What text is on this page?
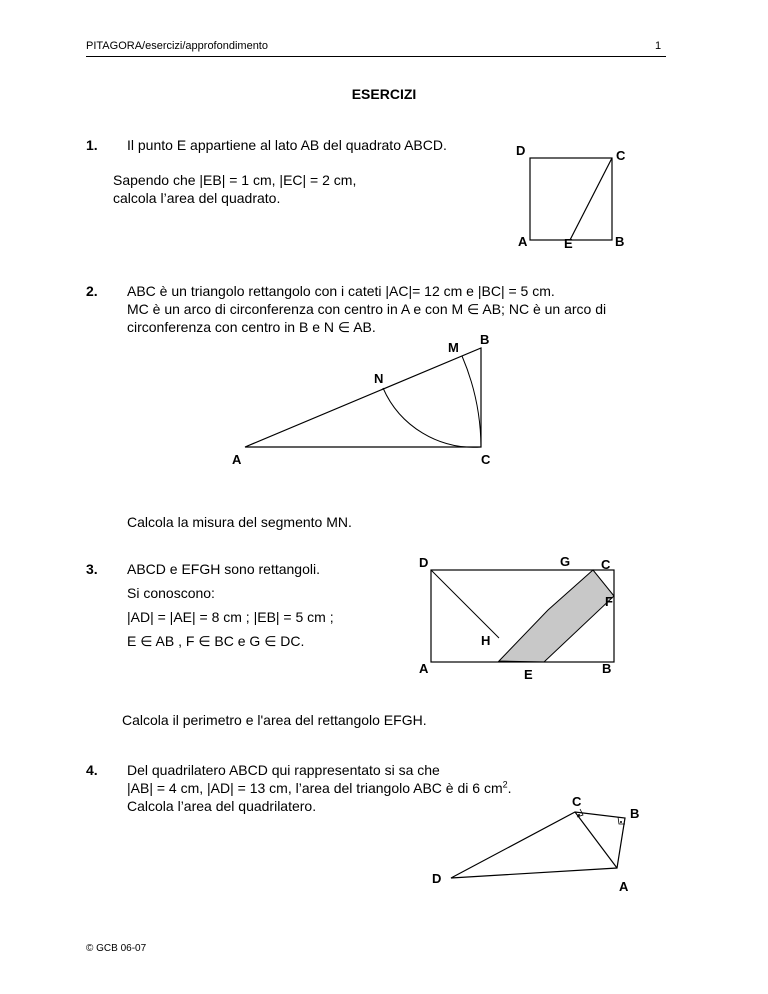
PITAGORA/esercizi/approfondimento	1
ESERCIZI
1. Il punto E appartiene al lato AB del quadrato ABCD.
Sapendo che |EB| = 1 cm, |EC| = 2 cm,
calcola l’area del quadrato.
D	C
A	E	B
2. ABC è un triangolo rettangolo con i cateti |AC|= 12 cm e |BC| = 5 cm.
MC è un arco di circonferenza con centro in A e con M ∈ AB; NC è un arco di
circonferenza con centro in B e N ∈ AB.
A	C
B
M
N
Calcola la misura del segmento MN.
3. ABCD e EFGH sono rettangoli.
Si conoscono:
|AD| = |AE| = 8 cm ; |EB| = 5 cm ;
E ∈ AB , F ∈ BC e G ∈ DC.
D	G C
F
H
A	E	B
Calcola il perimetro e l'area del rettangolo EFGH.
4. Del quadrilatero ABCD qui rappresentato si sa che
|AB| = 4 cm, |AD| = 13 cm, l’area del triangolo ABC è di 6 $cm^2$.
Calcola l’area del quadrilatero.	C
B
D
A
© GCB 06-07
